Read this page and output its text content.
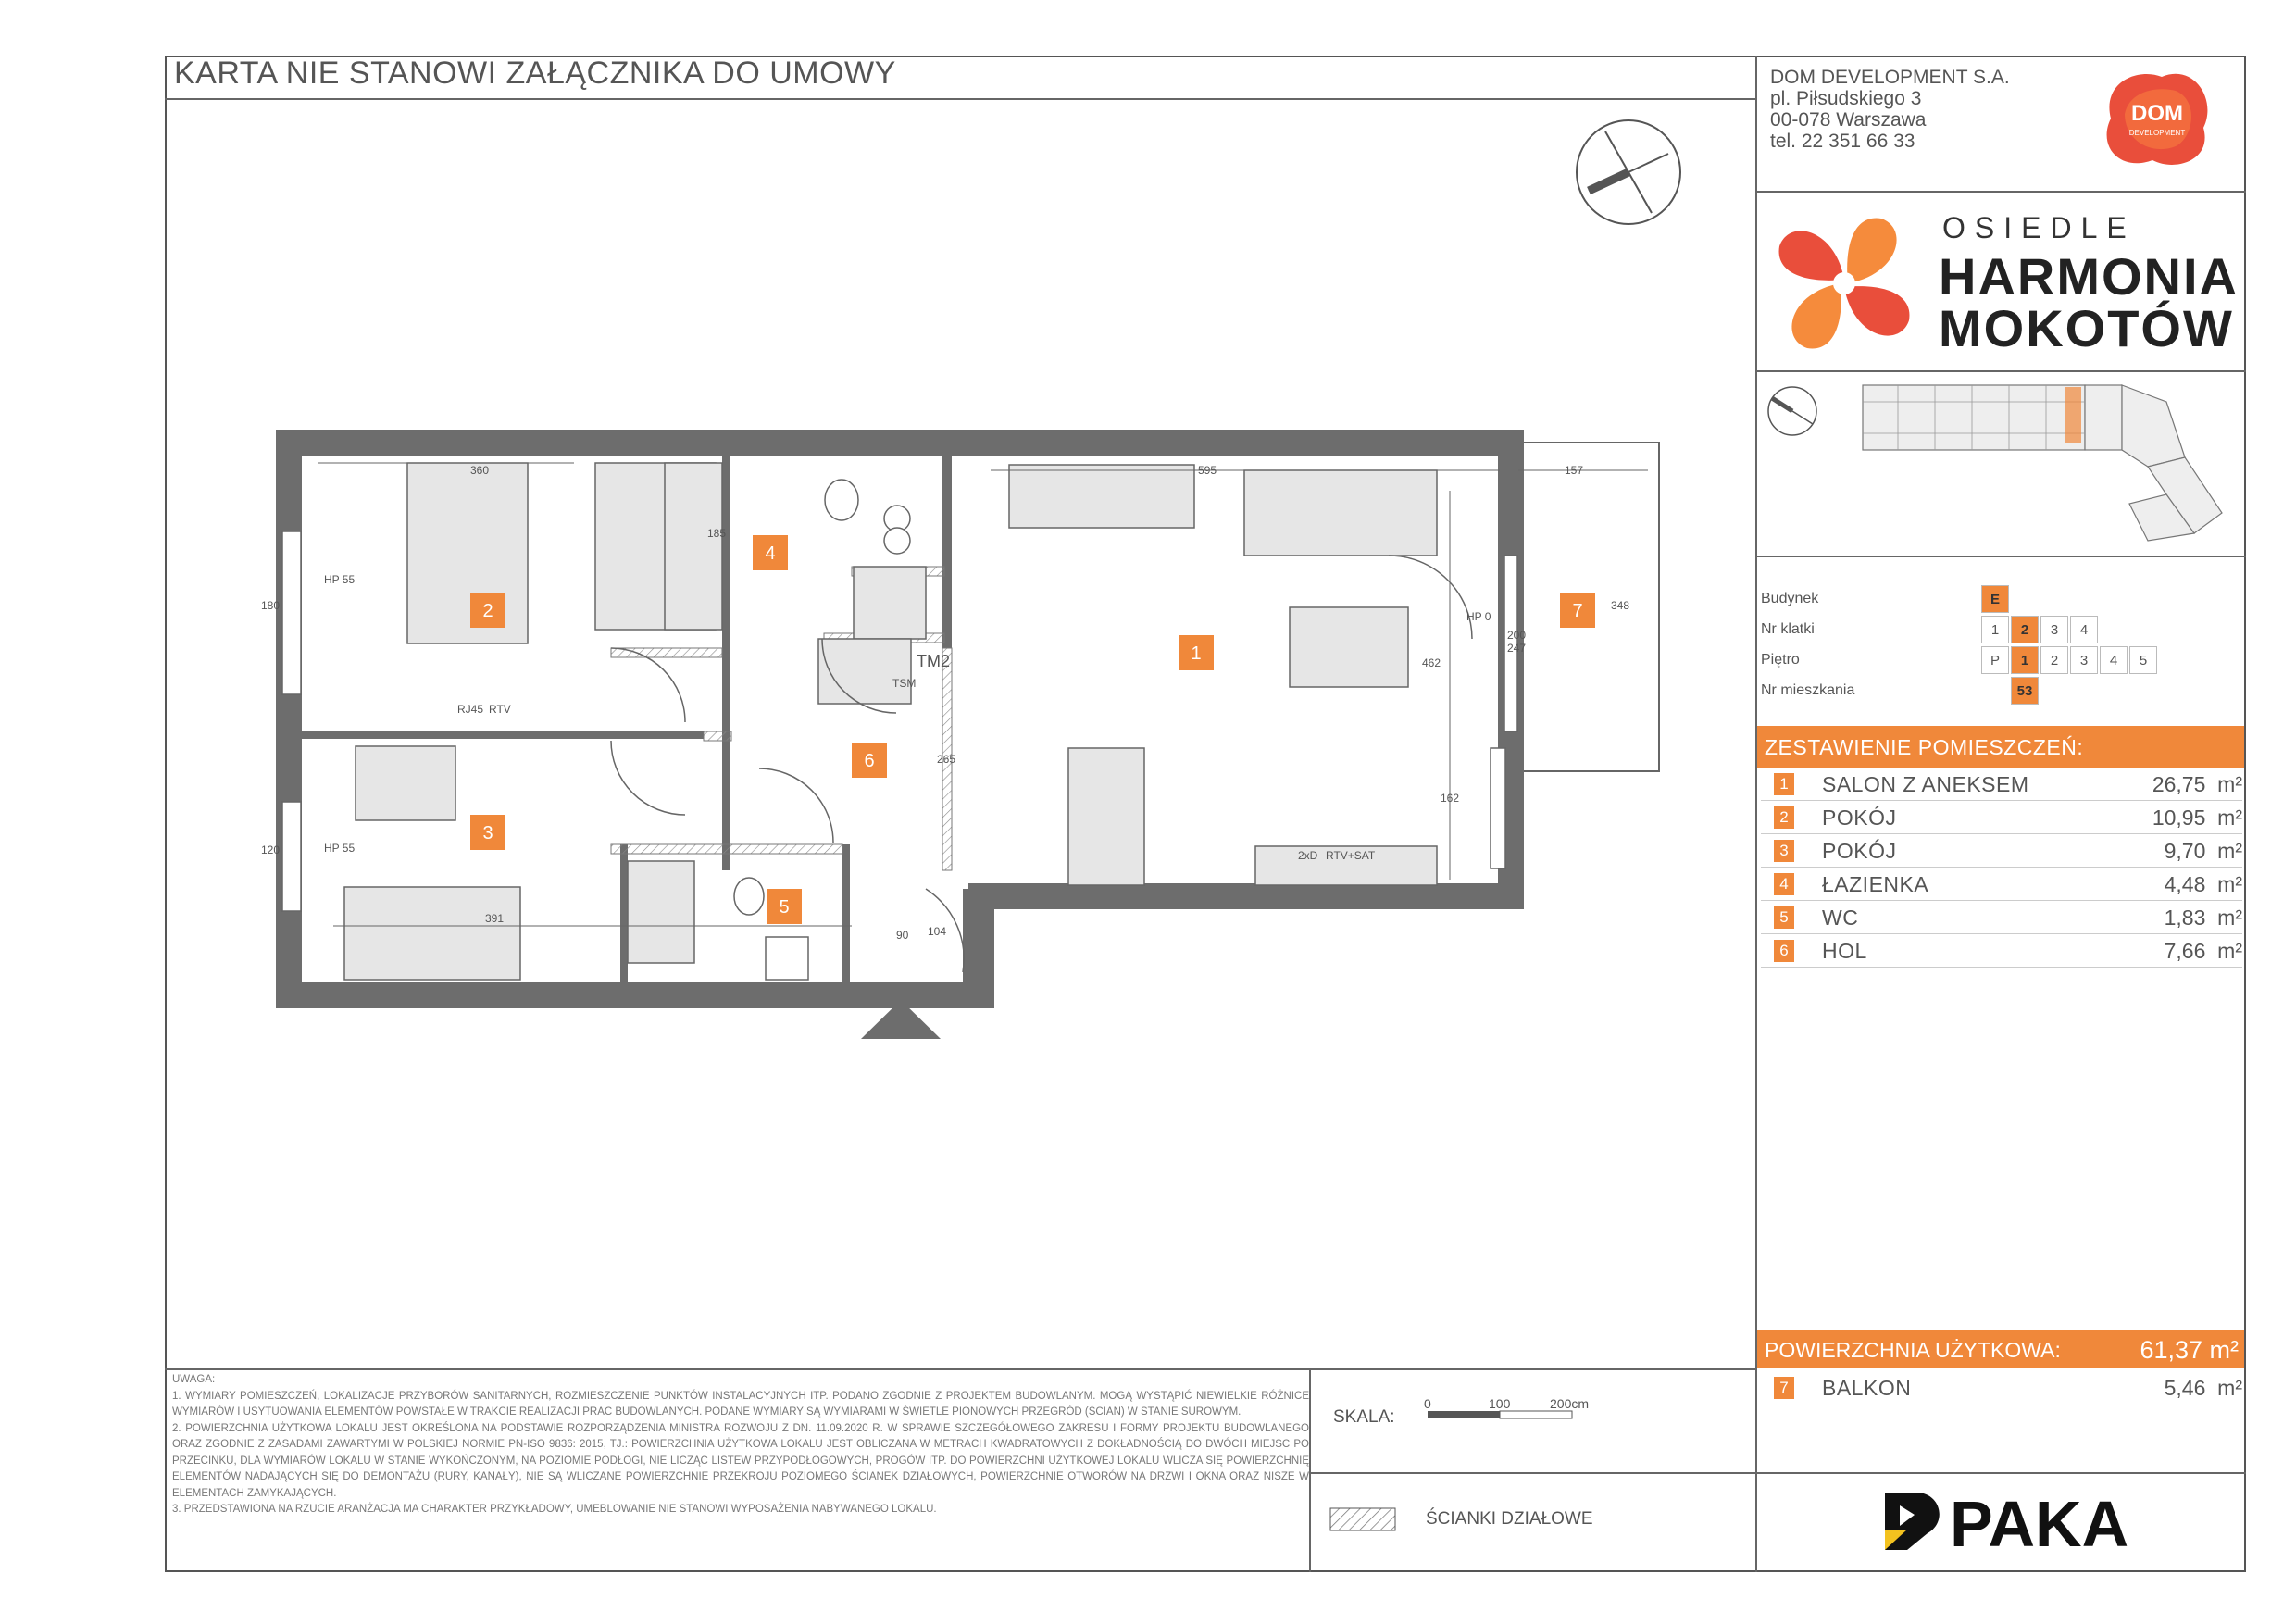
KARTA NIE STANOWI ZAŁĄCZNIKA DO UMOWY	DOM DEVELOPMENT S.A.
pl. Piłsudskiego 3
00-078 Warszawa
tel. 22 351 66 33
DOM
DEVELOPMENT
OSIEDLE
HARMONIA
MOKOTÓW
Budynek	E
Nr klatki	1	2	3	4
Piętro	P	1	2	3	4	5
Nr mieszkania	53
ZESTAWIENIE POMIESZCZEŃ:
1 SALON Z ANEKSEM	26,75 m²
2 POKÓJ	10,95 m²
3 POKÓJ	9,70 m²
4 ŁAZIENKA	4,48 m²
5 WC	1,83 m²
6 HOL	7,66 m²
POWIERZCHNIA UŻYTKOWA:	61,37 m²
7 BALKON	5,46 m²

UWAGA:

1. WYMIARY POMIESZCZEŃ, LOKALIZACJE PRZYBORÓW SANITARNYCH, ROZMIESZCZENIE PUNKTÓW INSTALACYJNYCH ITP. PODANO ZGODNIE Z PROJEKTEM BUDOWLANYM. MOGĄ WYSTĄPIĆ NIEWIELKIE RÓŻNICE WYMIARÓW I USYTUOWANIA ELEMENTÓW POWSTAŁE W TRAKCIE REALIZACJI PRAC BUDOWLANYCH. PODANE WYMIARY SĄ WYMIARAMI W ŚWIETLE PIONOWYCH PRZEGRÓD (ŚCIAN) W STANIE SUROWYM.

2. POWIERZCHNIA UŻYTKOWA LOKALU JEST OKREŚLONA NA PODSTAWIE ROZPORZĄDZENIA MINISTRA ROZWOJU Z DN. 11.09.2020 R. W SPRAWIE SZCZEGÓŁOWEGO ZAKRESU I FORMY PROJEKTU BUDOWLANEGO ORAZ ZGODNIE Z ZASADAMI ZAWARTYMI W POLSKIEJ NORMIE PN-ISO 9836: 2015, TJ.: POWIERZCHNIA UŻYTKOWA LOKALU JEST OBLICZANA W METRACH KWADRATOWYCH Z DOKŁADNOŚCIĄ DO DWÓCH MIEJSC PO PRZECINKU, DLA WYMIARÓW LOKALU W STANIE WYKOŃCZONYM, NA POZIOMIE PODŁOGI, NIE LICZĄC LISTEW PRZYPODŁOGOWYCH, PROGÓW ITP. DO POWIERZCHNI UŻYTKOWEJ LOKALU WLICZA SIĘ POWIERZCHNIĘ ELEMENTÓW NADAJĄCYCH SIĘ DO DEMONTAŻU (RURY, KANAŁY), NIE SĄ WLICZANE POWIERZCHNIE PRZEKROJU POZIOMEGO ŚCIANEK DZIAŁOWYCH, POWIERZCHNIE OTWORÓW NA DRZWI I OKNA ORAZ NISZE W ELEMENTACH ZAMYKAJĄCYCH.

3. PRZEDSTAWIONA NA RZUCIE ARANŻACJA MA CHARAKTER PRZYKŁADOWY, UMEBLOWANIE NIE STANOWI WYPOSAŻENIA NABYWANEGO LOKALU.

SKALA:
0	100	200cm
ŚCIANKI DZIAŁOWE	PAKA
1
2
3
4
5
6
7
360	595	157
391
180
120
200
247
265
104
90
462
348
185
162
HP 55
HP 55
HP 0
TM2
TSM
RJ45 RTV
RTV+SAT
2xD
